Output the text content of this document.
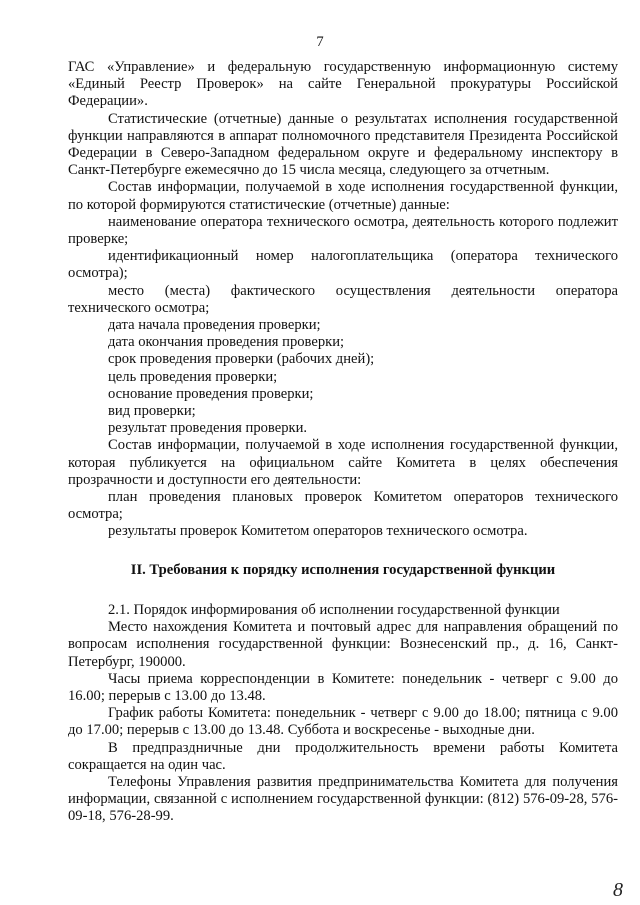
7

ГАС «Управление» и федеральную государственную информационную систему «Единый Реестр Проверок» на сайте Генеральной прокуратуры Российской Федерации».

Статистические (отчетные) данные о результатах исполнения государственной функции направляются в аппарат полномочного представителя Президента Российской Федерации в Северо-Западном федеральном округе и федеральному инспектору в Санкт-Петербурге ежемесячно до 15 числа месяца, следующего за отчетным.

Состав информации, получаемой в ходе исполнения государственной функции, по которой формируются статистические (отчетные) данные:

наименование оператора технического осмотра, деятельность которого подлежит проверке;

идентификационный номер налогоплательщика (оператора технического осмотра);

место (места) фактического осуществления деятельности оператора технического осмотра;

дата начала проведения проверки;

дата окончания проведения проверки;

срок проведения проверки (рабочих дней);

цель проведения проверки;

основание проведения проверки;

вид проверки;

результат проведения проверки.

Состав информации, получаемой в ходе исполнения государственной функции, которая публикуется на официальном сайте Комитета в целях обеспечения прозрачности и доступности его деятельности:

план проведения плановых проверок Комитетом операторов технического осмотра;

результаты проверок Комитетом операторов технического осмотра.

II. Требования к порядку исполнения государственной функции

2.1. Порядок информирования об исполнении государственной функции

Место нахождения Комитета и почтовый адрес для направления обращений по вопросам исполнения государственной функции: Вознесенский пр., д. 16, Санкт-Петербург, 190000.

Часы приема корреспонденции в Комитете: понедельник - четверг с 9.00 до 16.00; перерыв с 13.00 до 13.48.

График работы Комитета: понедельник - четверг с 9.00 до 18.00; пятница с 9.00 до 17.00; перерыв с 13.00 до 13.48. Суббота и воскресенье - выходные дни.

В предпраздничные дни продолжительность времени работы Комитета сокращается на один час.

Телефоны Управления развития предпринимательства Комитета для получения информации, связанной с исполнением государственной функции: (812) 576-09-28, 576-09-18, 576-28-99.

8
